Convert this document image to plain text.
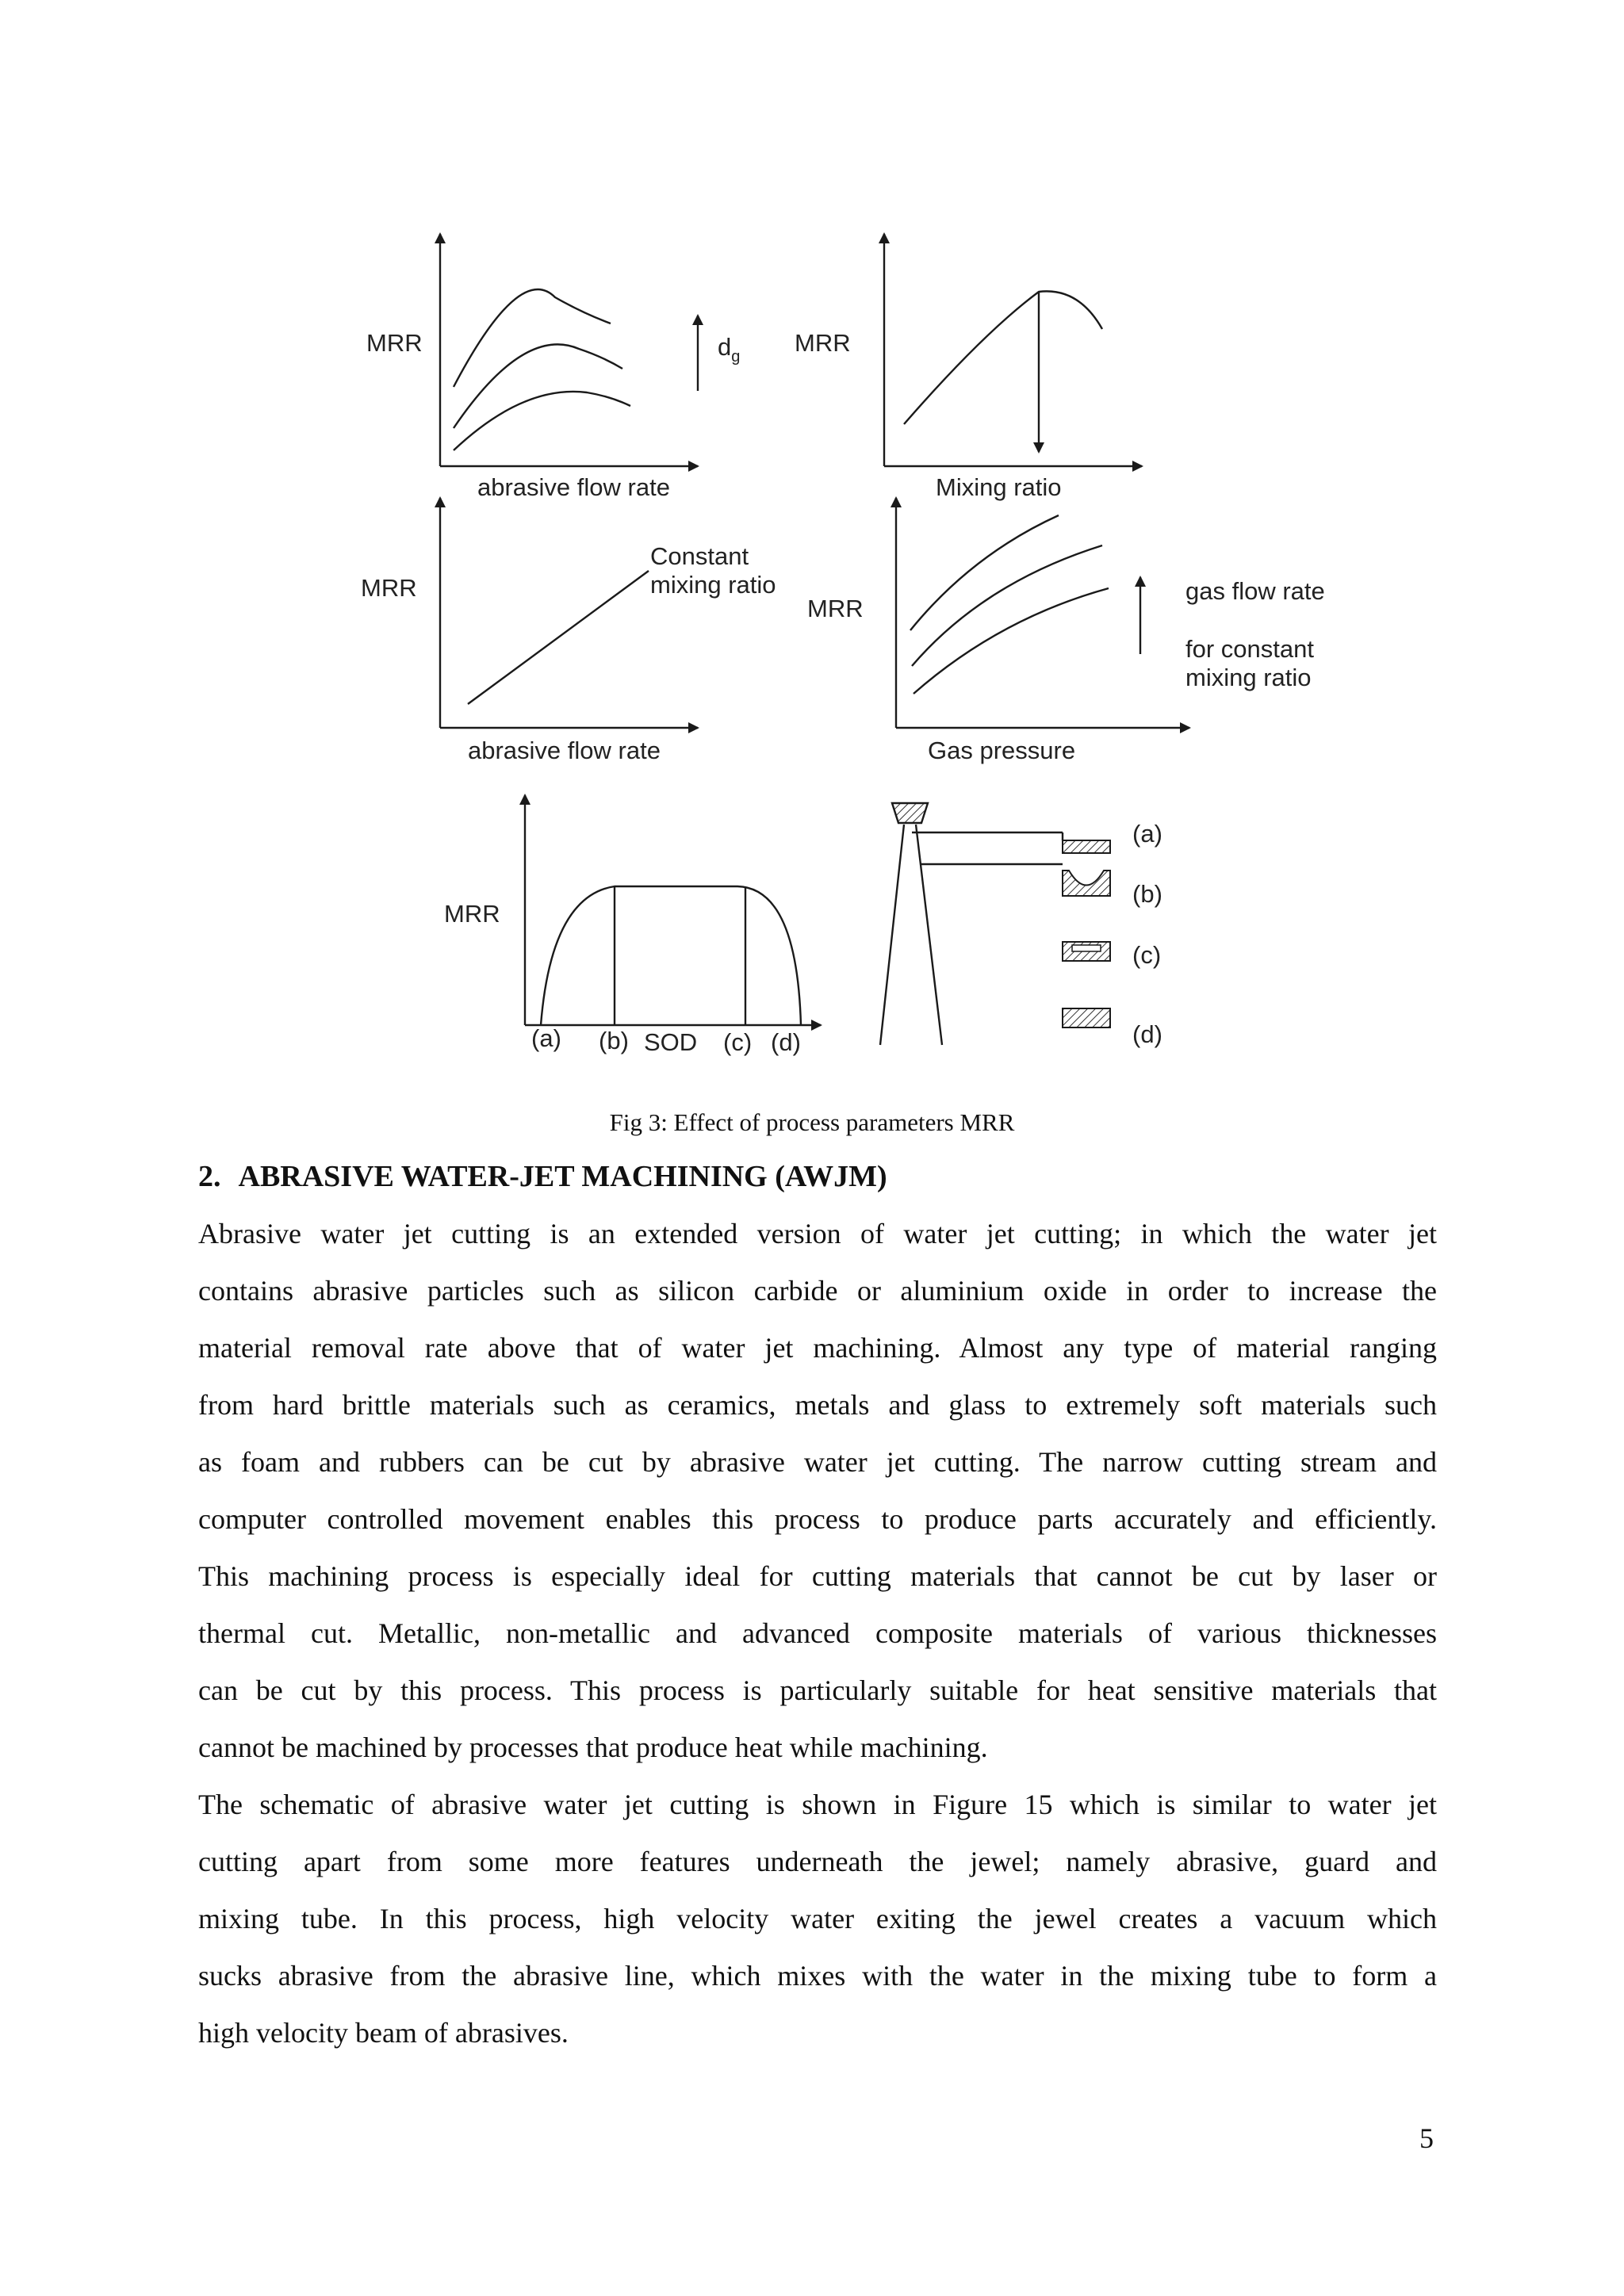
MRR
abrasive flow rate
$d_g$ MRR
Mixing ratio
MRR
abrasive flow rate
Constant
mixing ratio
MRR
Gas pressure
gas flow rate
for constant
mixing ratio
MRR
(a) (b) SOD (c) (d)
(a)
(b)
(c)
(d)
Fig 3: Effect of process parameters MRR
2. ABRASIVE WATER-JET MACHINING (AWJM)
Abrasive water jet cutting is an extended version of water jet cutting; in which the water jet
contains abrasive particles such as silicon carbide or aluminium oxide in order to increase the
material removal rate above that of water jet machining. Almost any type of material ranging
from hard brittle materials such as ceramics, metals and glass to extremely soft materials such
as foam and rubbers can be cut by abrasive water jet cutting. The narrow cutting stream and
computer controlled movement enables this process to produce parts accurately and efficiently.
This machining process is especially ideal for cutting materials that cannot be cut by laser or
thermal cut. Metallic, non-metallic and advanced composite materials of various thicknesses
can be cut by this process. This process is particularly suitable for heat sensitive materials that
cannot be machined by processes that produce heat while machining.
The schematic of abrasive water jet cutting is shown in Figure 15 which is similar to water jet
cutting apart from some more features underneath the jewel; namely abrasive, guard and
mixing tube. In this process, high velocity water exiting the jewel creates a vacuum which
sucks abrasive from the abrasive line, which mixes with the water in the mixing tube to form a
high velocity beam of abrasives.
5
